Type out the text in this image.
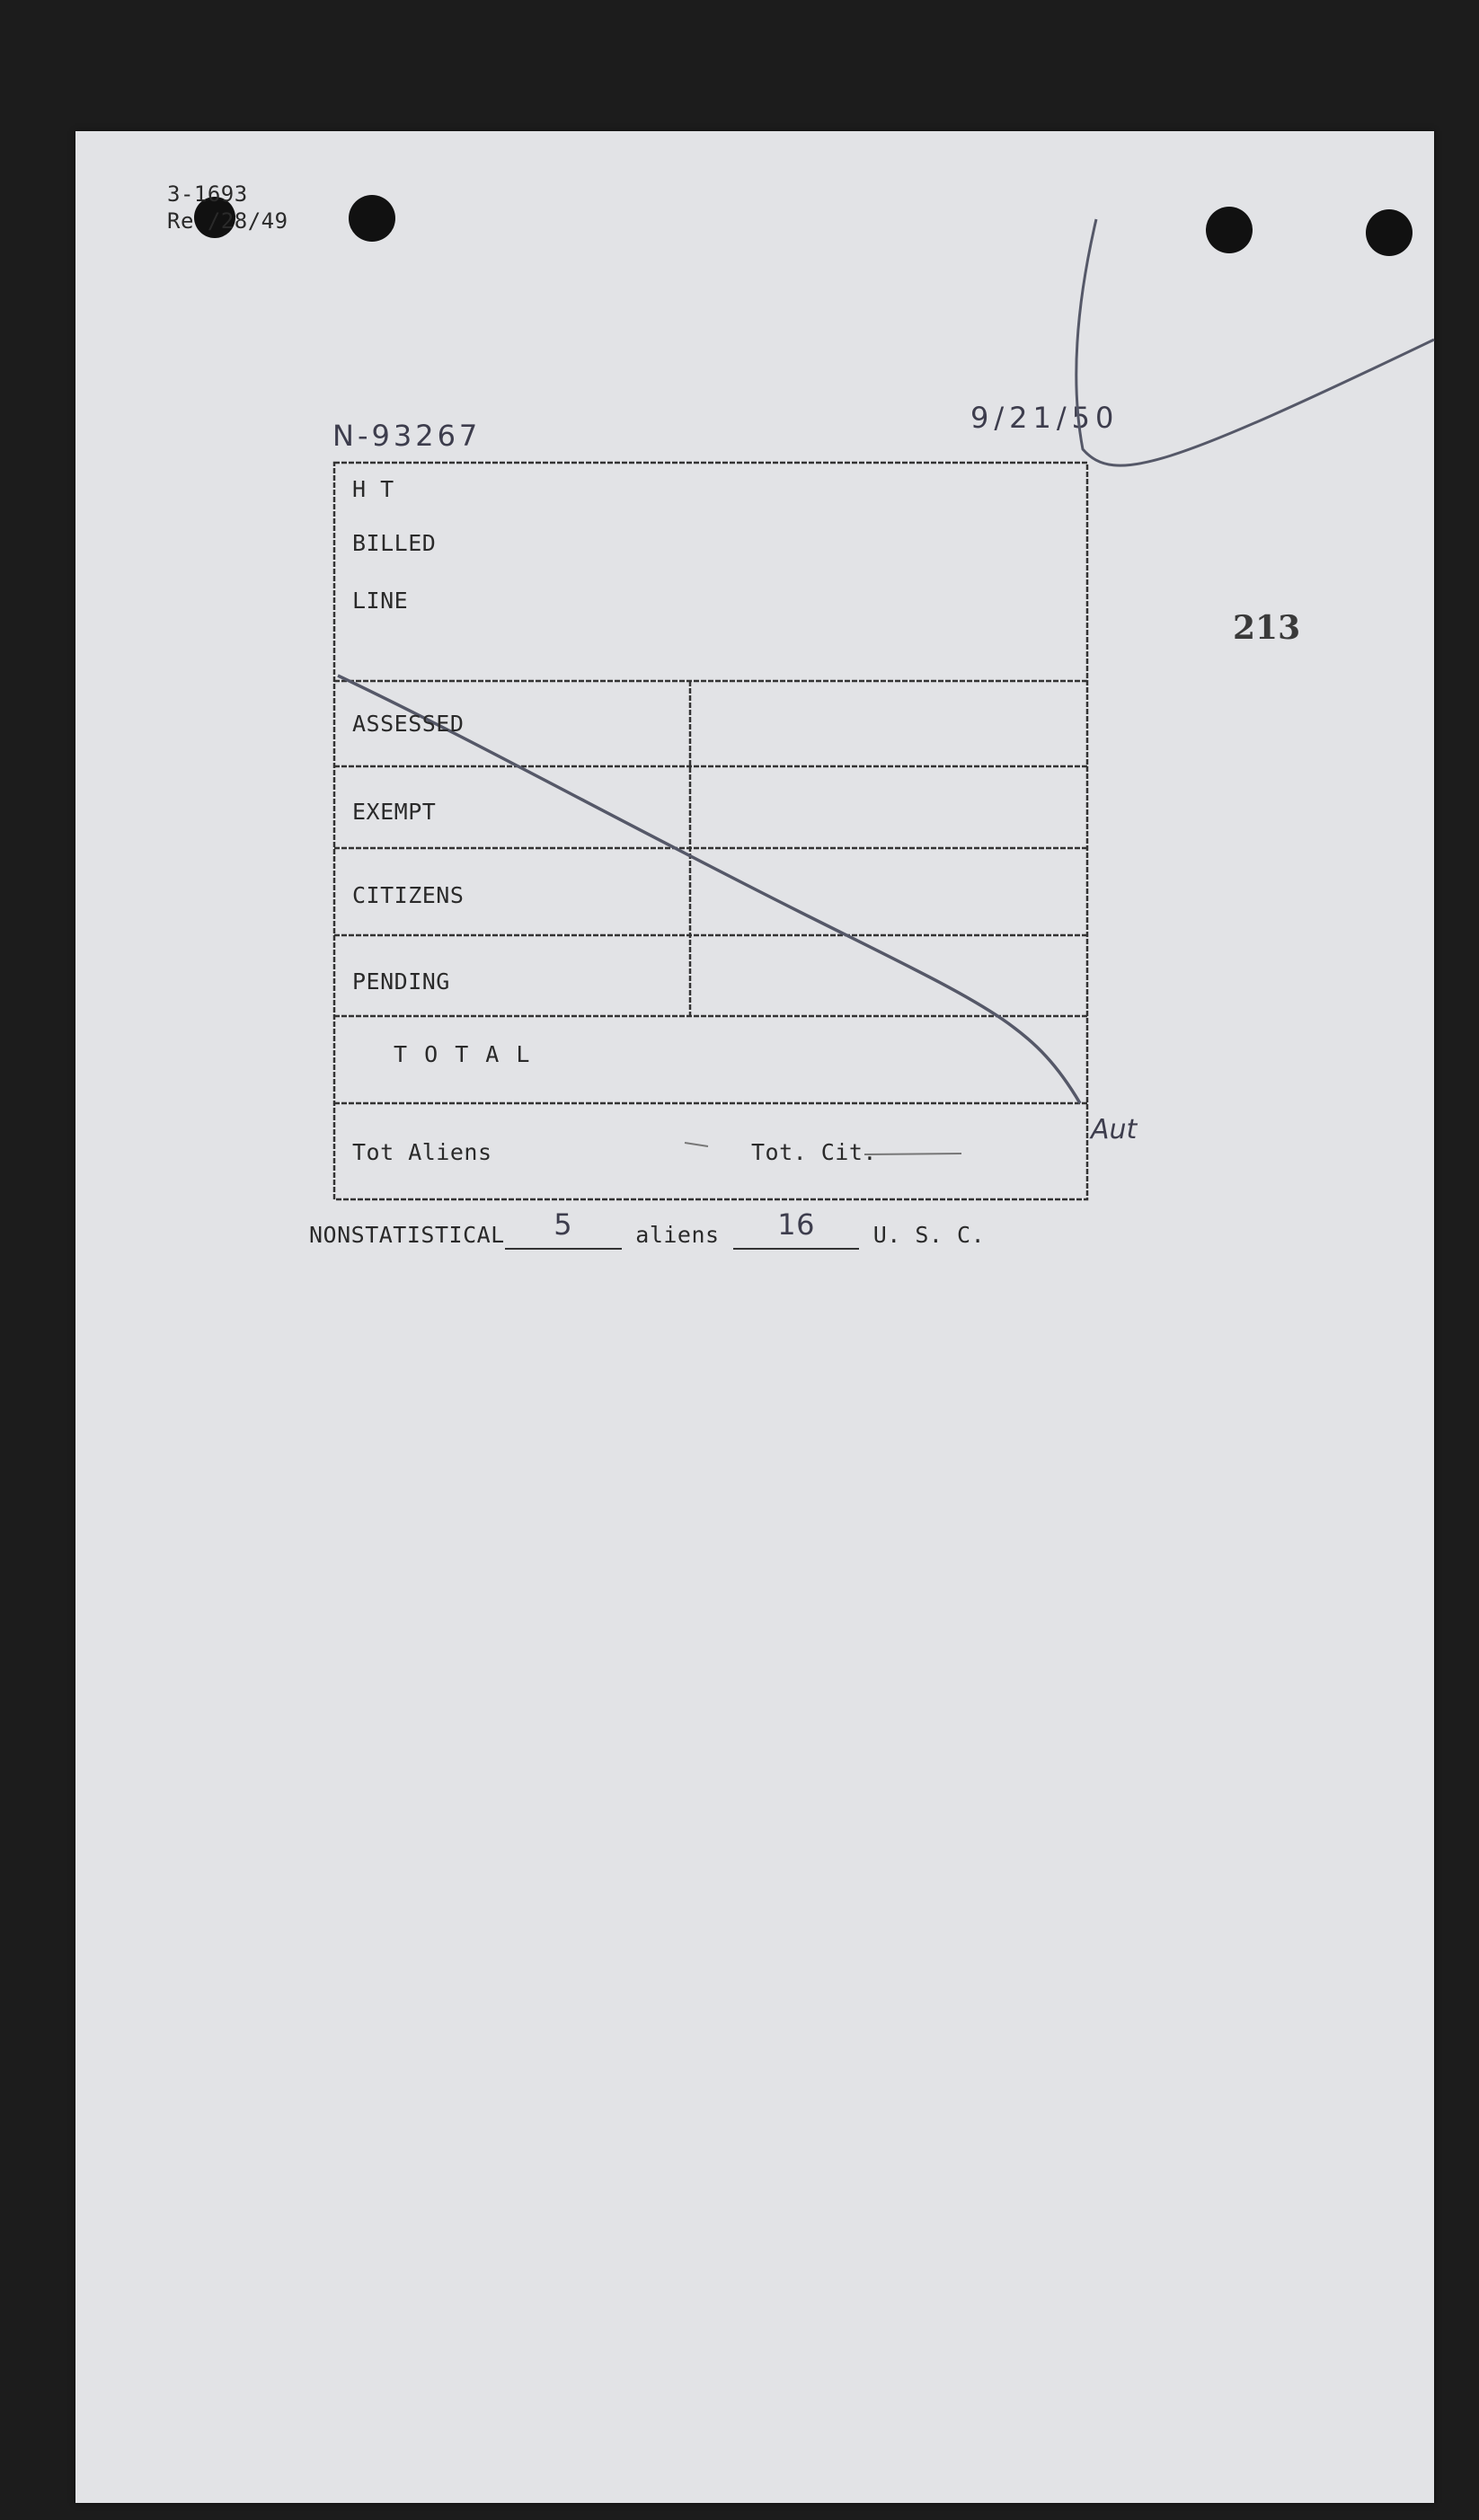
3-1693
Re /28/49
N-93267
9/21/50
213
H T
BILLED
LINE
ASSESSED
EXEMPT
CITIZENS
PENDING
T O T A L
Tot Aliens	Tot. Cit.
Aut
NONSTATISTICAL	5	aliens	16	U. S. C.
